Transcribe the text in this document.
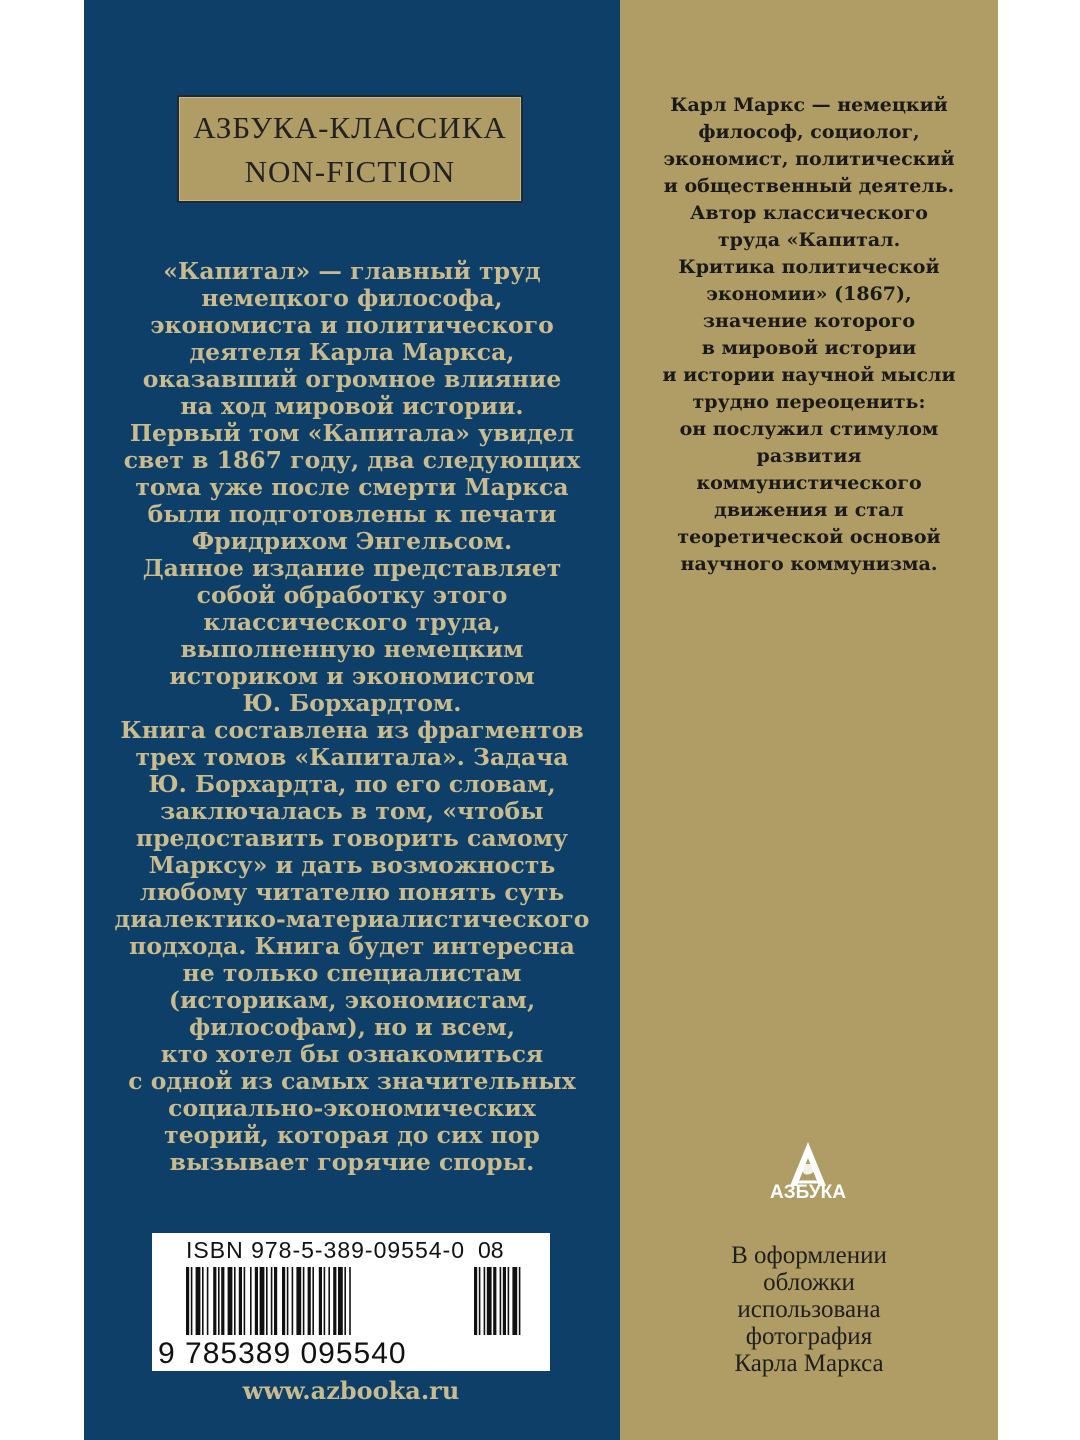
АЗБУКА-КЛАССИКА
NON-FICTION

«Капитал» — главный труд
немецкого философа,
экономиста и политического
деятеля Карла Маркса,
оказавший огромное влияние
на ход мировой истории.
Первый том «Капитала» увидел
свет в 1867 году, два следующих
тома уже после смерти Маркса
были подготовлены к печати
Фридрихом Энгельсом.
Данное издание представляет
собой обработку этого
классического труда,
выполненную немецким
историком и экономистом
Ю. Борхардтом.
Книга составлена из фрагментов
трех томов «Капитала». Задача
Ю. Борхардта, по его словам,
заключалась в том, «чтобы
предоставить говорить самому
Марксу» и дать возможность
любому читателю понять суть
диалектико-материалистического
подхода. Книга будет интересна
не только специалистам
(историкам, экономистам,
философам), но и всем,
кто хотел бы ознакомиться
с одной из самых значительных
социально-экономических
теорий, которая до сих пор
вызывает горячие споры.

ISBN 978-5-389-09554-0 08
9 785389 095540
www.azbooka.ru

Карл Маркс — немецкий
философ, социолог,
экономист, политический
и общественный деятель.
Автор классического
труда «Капитал.
Критика политической
экономии» (1867),
значение которого
в мировой истории
и истории научной мысли
трудно переоценить:
он послужил стимулом
развития
коммунистического
движения и стал
теоретической основой
научного коммунизма.

АЗБУКА

В оформлении
обложки
использована
фотография
Карла Маркса
